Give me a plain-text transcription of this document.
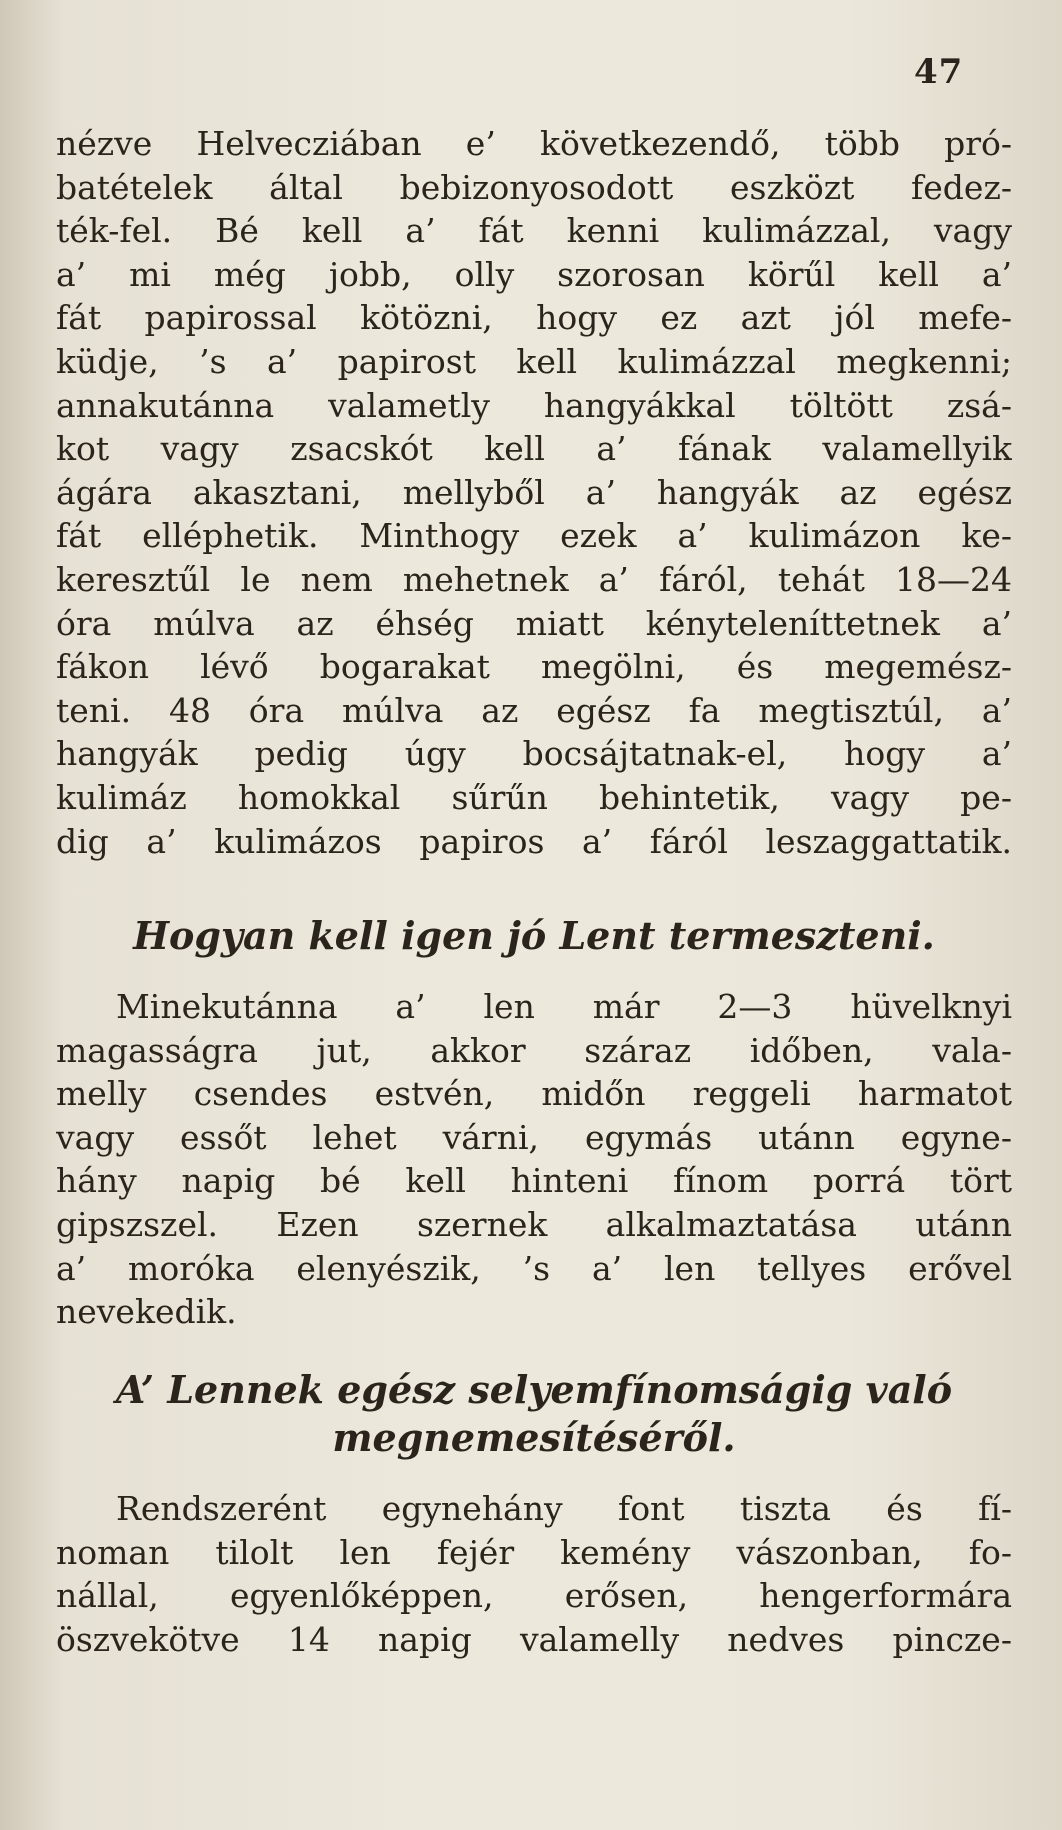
47
nézve Helvecziában e’ következendő, több pró-
batételek által bebizonyosodott eszközt fedez-
ték-fel. Bé kell a’ fát kenni kulimázzal, vagy
a’ mi még jobb, olly szorosan körűl kell a’
fát papirossal kötözni, hogy ez azt jól mefe-
küdje, ’s a’ papirost kell kulimázzal megkenni;
annakutánna valametly hangyákkal töltött zsá-
kot vagy zsacskót kell a’ fának valamellyik
ágára akasztani, mellyből a’ hangyák az egész
fát elléphetik. Minthogy ezek a’ kulimázon ke-
keresztűl le nem mehetnek a’ fáról, tehát 18—24
óra múlva az éhség miatt kényteleníttetnek a’
fákon lévő bogarakat megölni, és megemész-
teni. 48 óra múlva az egész fa megtisztúl, a’
hangyák pedig úgy bocsájtatnak-el, hogy a’
kulimáz homokkal sűrűn behintetik, vagy pe-
dig a’ kulimázos papiros a’ fáról leszaggattatik.
Hogyan kell igen jó Lent termeszteni.
Minekutánna a’ len már 2—3 hüvelknyi
magasságra jut, akkor száraz időben, vala-
melly csendes estvén, midőn reggeli harmatot
vagy essőt lehet várni, egymás utánn egyne-
hány napig bé kell hinteni fínom porrá tört
gipszszel. Ezen szernek alkalmaztatása utánn
a’ moróka elenyészik, ’s a’ len tellyes erővel
nevekedik.
A’ Lennek egész selyemfínomságig való
megnemesítéséről.
Rendszerént egynehány font tiszta és fí-
noman tilolt len fejér kemény vászonban, fo-
nállal, egyenlőképpen, erősen, hengerformára
öszvekötve 14 napig valamelly nedves pincze-
